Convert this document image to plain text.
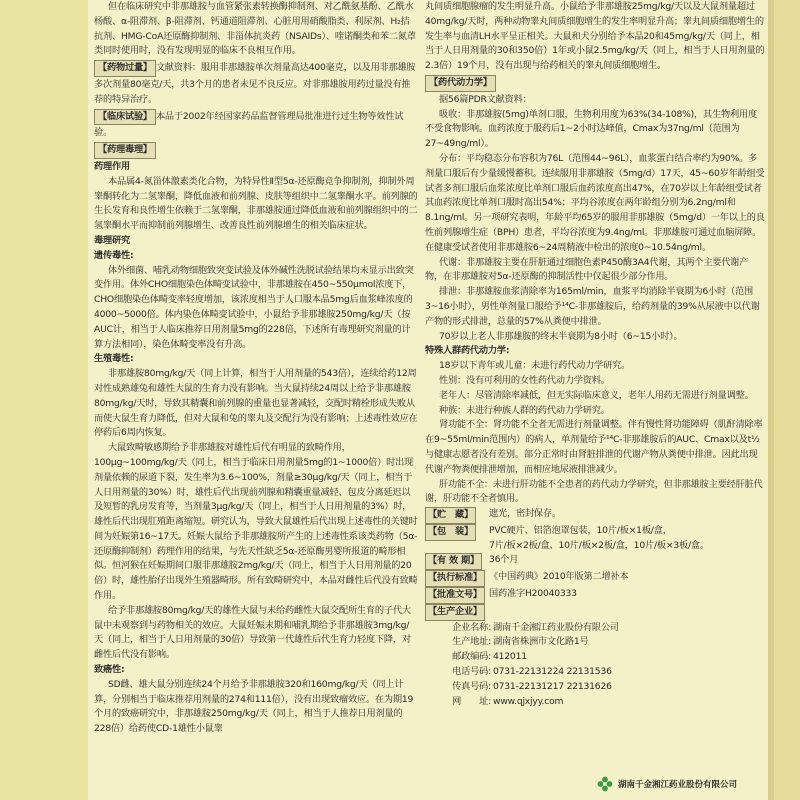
但在临床研究中非那雄胺与血管紧张素转换酶抑制剂、对乙酰氨基酚、乙酰水杨酸、α-阻滞剂、β-阻滞剂、钙通道阻滞剂、心脏用用硝酸脂类、利尿剂、H₂拮抗剂、HMG-CoA还原酶抑制剂、非甾体抗炎药（NSAIDs）、喹诺酮类和苯二氮䓬类同时使用时，没有发现明显的临床不良相互作用。

【药物过量】 文献资料：服用非那雄胺单次剂量高达400毫克，以及用非那雄胺多次剂量80毫克/天，共3个月的患者未见不良反应。对非那雄胺用药过量没有推荐的特异治疗。

【临床试验】 本品于2002年经国家药品监督管理局批准进行过生物等效性试验。

【药理毒理】

药理作用

本品属4-氮甾体激素类化合物，为特异性Ⅱ型5α-还原酶竞争抑制剂，抑制外周睾酮转化为二氢睾酮，降低血液和前列腺、皮肤等组织中二氢睾酮水平。前列腺的生长发育和良性增生依赖于二氢睾酮，非那雄胺通过降低血液和前列腺组织中的二氢睾酮水平而抑制前列腺增生、改善良性前列腺增生的相关临床症状。

毒理研究

遗传毒性:

体外细菌、哺乳动物细胞致突变试验及体外碱性洗脱试验结果均未显示出致突变作用。体外CHO细胞染色体畸变试验中，非那雄胺在450~550μmol浓度下，CHO细胞染色体畸变率轻度增加，该浓度相当于人口服本品5mg后血浆峰浓度的4000~5000倍。体内染色体畸变试验中，小鼠给予非那雄胺250mg/kg/天（按AUC计，相当于人临床推荐日用剂量5mg的228倍，下述所有毒理研究剂量的计算方法相同），染色体畸变率没有升高。

生殖毒性:

非那雄胺80mg/kg/天（同上计算，相当于人用剂量的543倍），连续给药12周对性成熟雄兔和雄性大鼠的生育力没有影响。当大鼠持续24周以上给予非那雄胺80mg/kg/天时，导致其精囊和前列腺的重量也显著减轻，交配时精栓形成失败从而使大鼠生育力降低，但对大鼠和兔的睾丸及交配行为没有影响；上述毒性效应在停药后6周内恢复。

大鼠致畸敏感期给予非那雄胺对雄性后代有明显的致畸作用，100μg~100mg/kg/天（同上，相当于临床日用剂量5mg的1~1000倍）时出现剂量依赖的尿道下裂，发生率为3.6~100%，剂量≥30μg/kg/天（同上，相当于人日用剂量的30%）时，雄性后代出现前列腺和精囊重量减轻、包皮分离延迟以及短暂的乳房发育等，当剂量3μg/kg/天（同上，相当于人日用剂量的3%）时，雄性后代出现肛殖距离缩短。研究认为，导致大鼠雄性后代出现上述毒性的关键时间为妊娠第16~17天。妊娠大鼠给予非那雄胺所产生的上述毒性系该类药物（5α-还原酶抑制剂）药理作用的结果，与先天性缺乏5α-还原酶男婴所报道的畸形相似。恒河猴在妊娠期间口服非那雄胺2mg/kg/天（同上，相当于人日用剂量的20倍）时，雄性胎仔出现外生殖器畸形。所有致畸研究中，本品对雌性后代没有致畸作用。

给予非那雄胺80mg/kg/天的雄性大鼠与未给药雌性大鼠交配所生育的子代大鼠中未观察到与药物相关的效应。大鼠妊娠末期和哺乳期给予非那雄胺3mg/kg/天（同上，相当于人日用剂量的30倍）导致第一代雄性后代生育力轻度下降，对雌性后代没有影响。

致癌性:

SD雌、雄大鼠分别连续24个月给予非那雄胺320和160mg/kg/天（同上计算，分别相当于临床推荐用剂量的274和111倍），没有出现致瘤效应。在为期19个月的致癌研究中，非那雄胺250mg/kg/天（同上，相当于人推荐日用剂量的228倍）给药使CD-1雄性小鼠睾

丸间质细胞腺瘤的发生明显升高。小鼠给予非那雄胺25mg/kg/天以及大鼠剂量超过40mg/kg/天时，两种动物睾丸间质细胞增生的发生率明显升高；睾丸间质细胞增生的发生率与血清LH水平呈正相关。大鼠和犬分别给予本品20和45mg/kg/天（同上，相当于人日用剂量的30和350倍）1年或小鼠2.5mg/kg/天（同上，相当于人日用剂量的2.3倍）19个月，没有出现与给药相关的睾丸间质细胞增生。

【药代动力学】

据56篇PDR文献资料：

吸收：非那雄胺(5mg)单剂口服，生物利用度为63%(34-108%)，其生物利用度不受食物影响。血药浓度于服药后1~2小时达峰值，Cmax为37ng/ml（范围为27~49ng/ml）。

分布：平均稳态分布容积为76L（范围44~96L），血浆蛋白结合率约为90%。多剂量口服后有少量缓慢蓄积。连续服用非那雄胺（5mg/d）17天，45~60岁年龄组受试者多剂口服后血浆浓度比单剂口服后血药浓度高出47%，在70岁以上年龄组受试者其血药浓度比单剂口服时高出54%；平均谷浓度在两年龄组分别为6.2ng/ml和8.1ng/ml。另一项研究表明，年龄平均65岁的服用非那雄胺（5mg/d）一年以上的良性前列腺增生症（BPH）患者，平均谷浓度为9.4ng/ml。非那雄胺可通过血脑屏障。在健康受试者使用非那雄胺6~24周精液中检出的浓度0~10.54ng/ml。

代谢：非那雄胺主要在肝脏通过细胞色素P450酶3A4代谢，其两个主要代谢产物，在非那雄胺对5α-还原酶的抑制活性中仅起很少部分作用。

排泄：非那雄胺血浆清除率为165ml/min，血浆平均消除半衰期为6小时（范围3~16小时），男性单剂量口服给予¹⁴C-非那雄胺后，给药剂量的39%从尿液中以代谢产物的形式排泄，总量的57%从粪便中排泄。

70岁以上老人非那雄胺的终末半衰期为8小时（6~15小时）。

特殊人群药代动力学:

18岁以下青年或儿童：未进行药代动力学研究。

性别：没有可利用的女性药代动力学资料。

老年人：尽管清除率减低，但无实际临床意义，老年人用药无需进行剂量调整。

种族：未进行种族人群的药代动力学研究。

肾功能不全：肾功能不全者无需进行剂量调整。伴有慢性肾功能障碍（肌酐清除率在9~55ml/min范围内）的病人，单剂量给予¹⁴C-非那雄胺后的AUC、Cmax以及t½与健康志愿者没有差别。部分正常时由肾脏排泄的代谢产物从粪便中排泄。因此出现代谢产物粪便排泄增加，而相应地尿液排泄减少。

肝功能不全：未进行肝功能不全患者的药代动力学研究，但非那雄胺主要经肝脏代谢，肝功能不全者慎用。

【贮　藏】	遮光，密封保存。
【包　装】	PVC硬片、铝箔泡罩包装，10片/板×1板/盒，
7片/板×2板/盒、10片/板×2板/盒，10片/板×3板/盒。
【有 效 期】	36个月
【执行标准】 《中国药典》2010年版第二增补本
【批准文号】 国药准字H20040333
【生产企业】
企业名称: 湖南千金湘江药业股份有限公司
生产地址: 湖南省株洲市文化路1号
邮政编码: 412011
电话号码: 0731-22131224 22131536
传真号码: 0731-22131217 22131626
网　　址: www.qjxjyy.com
湖南千金湘江药业股份有限公司
